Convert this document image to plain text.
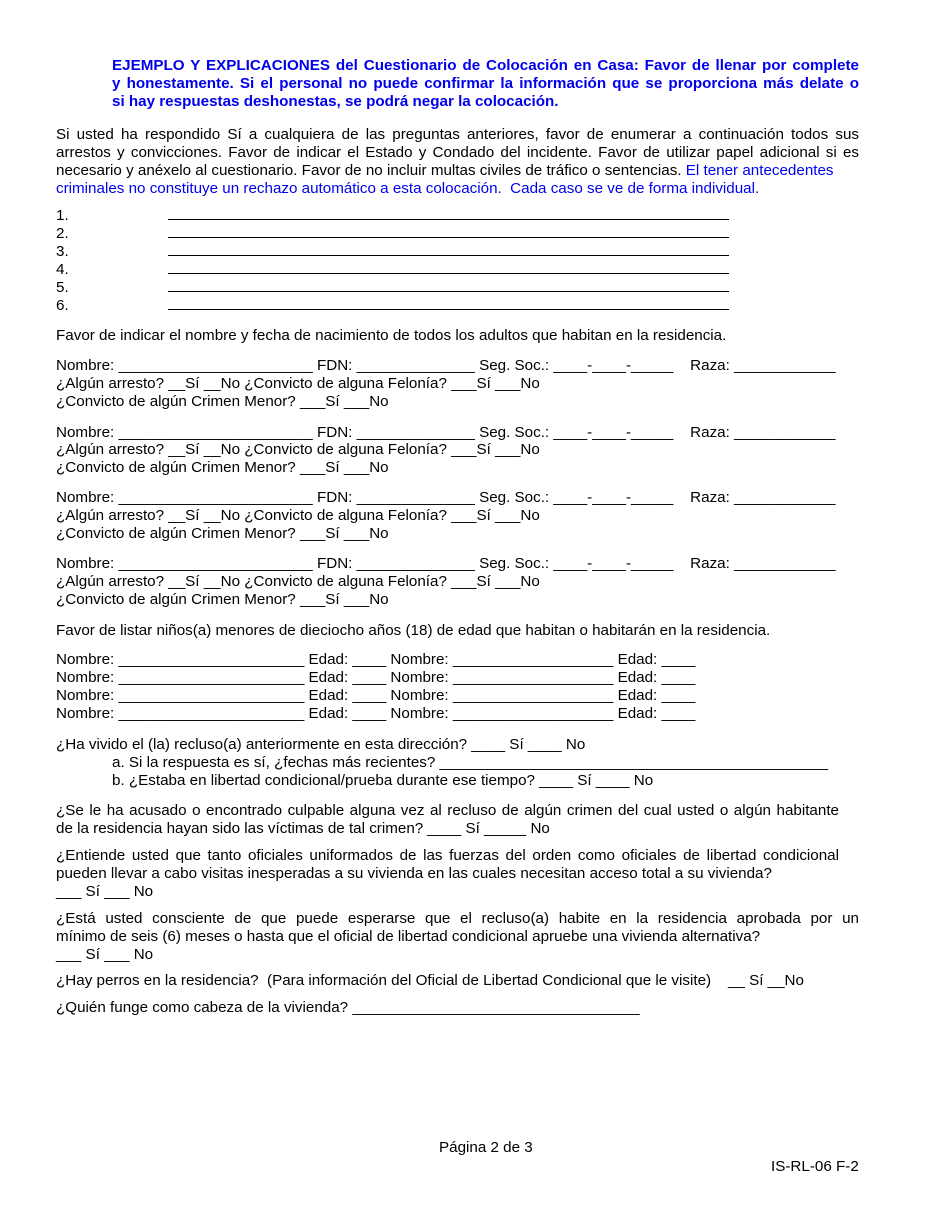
EJEMPLO Y EXPLICACIONES del Cuestionario de Colocación en Casa: Favor de llenar por complete
y honestamente. Si el personal no puede confirmar la información que se proporciona más delate o
si hay respuestas deshonestas, se podrá negar la colocación.
Si usted ha respondido Sí a cualquiera de las preguntas anteriores, favor de enumerar a continuación todos sus
arrestos y convicciones. Favor de indicar el Estado y Condado del incidente. Favor de utilizar papel adicional si es
necesario y anéxelo al cuestionario. Favor de no incluir multas civiles de tráfico o sentencias. El tener antecedentes
criminales no constituye un rechazo automático a esta colocación.  Cada caso se ve de forma individual.
1.
2.
3.
4.
5.
6.
Favor de indicar el nombre y fecha de nacimiento de todos los adultos que habitan en la residencia.
Nombre: _______________________ FDN: ______________ Seg. Soc.: ____-____-_____    Raza: ____________
¿Algún arresto? __Sí __No ¿Convicto de alguna Felonía? ___Sí ___No
¿Convicto de algún Crimen Menor? ___Sí ___No
Nombre: _______________________ FDN: ______________ Seg. Soc.: ____-____-_____    Raza: ____________
¿Algún arresto? __Sí __No ¿Convicto de alguna Felonía? ___Sí ___No
¿Convicto de algún Crimen Menor? ___Sí ___No
Nombre: _______________________ FDN: ______________ Seg. Soc.: ____-____-_____    Raza: ____________
¿Algún arresto? __Sí __No ¿Convicto de alguna Felonía? ___Sí ___No
¿Convicto de algún Crimen Menor? ___Sí ___No
Nombre: _______________________ FDN: ______________ Seg. Soc.: ____-____-_____    Raza: ____________
¿Algún arresto? __Sí __No ¿Convicto de alguna Felonía? ___Sí ___No
¿Convicto de algún Crimen Menor? ___Sí ___No
Favor de listar niños(a) menores de dieciocho años (18) de edad que habitan o habitarán en la residencia.
Nombre: ______________________ Edad: ____ Nombre: ___________________ Edad: ____
Nombre: ______________________ Edad: ____ Nombre: ___________________ Edad: ____
Nombre: ______________________ Edad: ____ Nombre: ___________________ Edad: ____
Nombre: ______________________ Edad: ____ Nombre: ___________________ Edad: ____
¿Ha vivido el (la) recluso(a) anteriormente en esta dirección? ____ Sí ____ No
a. Si la respuesta es sí, ¿fechas más recientes? ______________________________________________
b. ¿Estaba en libertad condicional/prueba durante ese tiempo? ____ Sí ____ No
¿Se le ha acusado o encontrado culpable alguna vez al recluso de algún crimen del cual usted o algún habitante
de la residencia hayan sido las víctimas de tal crimen? ____ Sí _____ No
¿Entiende usted que tanto oficiales uniformados de las fuerzas del orden como oficiales de libertad condicional
pueden llevar a cabo visitas inesperadas a su vivienda en las cuales necesitan acceso total a su vivienda?
___ Sí ___ No
¿Está usted consciente de que puede esperarse que el recluso(a) habite en la residencia aprobada por un
mínimo de seis (6) meses o hasta que el oficial de libertad condicional apruebe una vivienda alternativa?
___ Sí ___ No
¿Hay perros en la residencia?  (Para información del Oficial de Libertad Condicional que le visite)    __ Sí __No
¿Quién funge como cabeza de la vivienda? __________________________________
Página 2 de 3
IS-RL-06 F-2
